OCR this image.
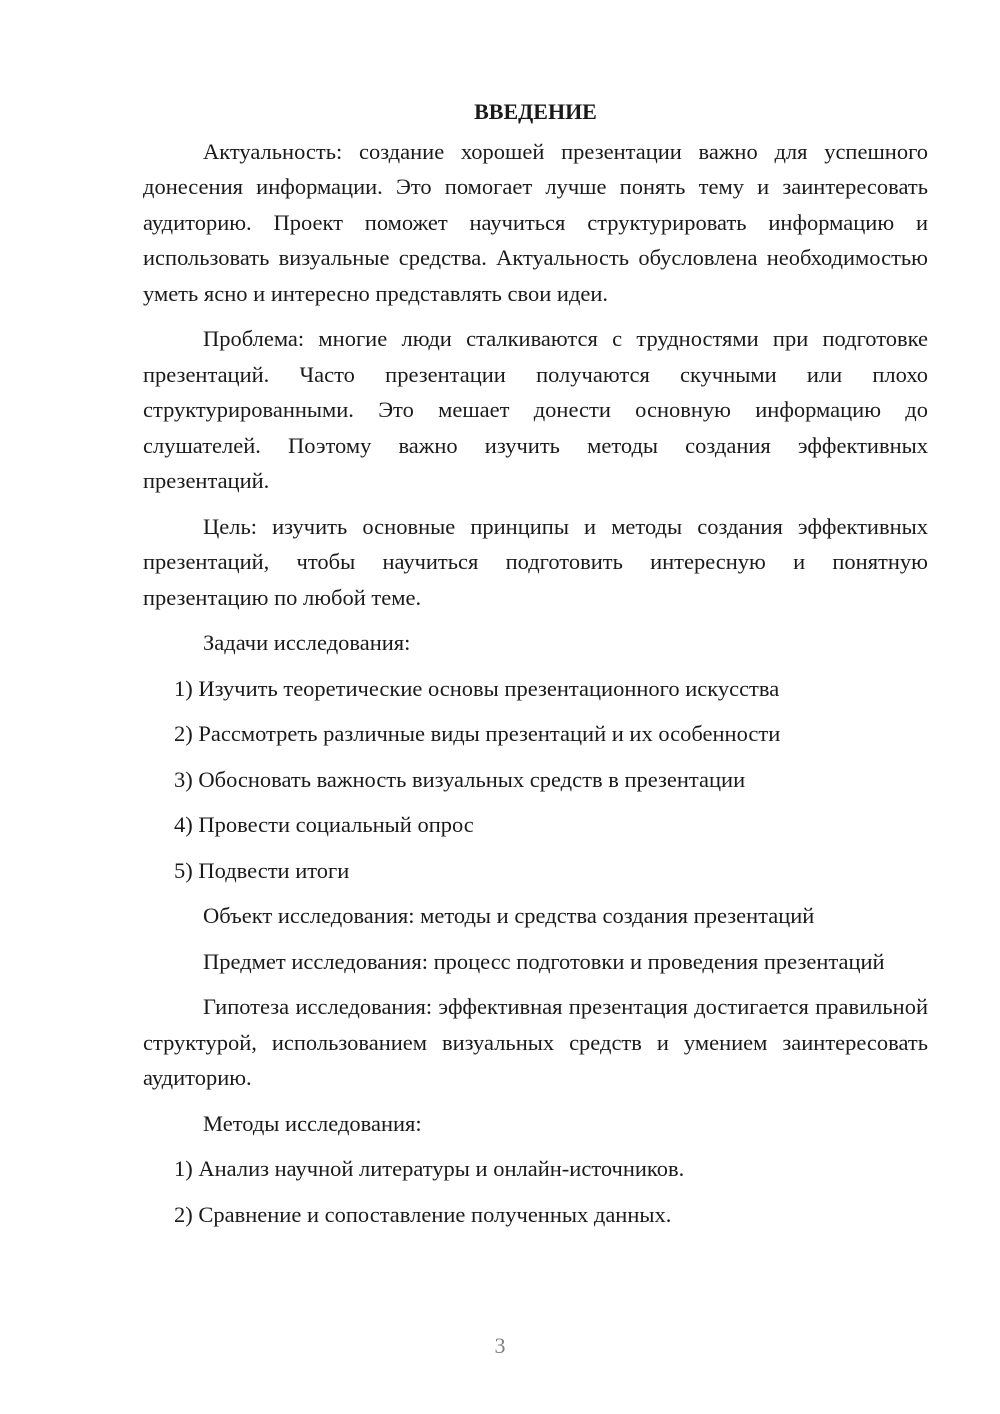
ВВЕДЕНИЕ

Актуальность: создание хорошей презентации важно для успешного донесения информации. Это помогает лучше понять тему и заинтересовать аудиторию. Проект поможет научиться структурировать информацию и использовать визуальные средства. Актуальность обусловлена необходимостью уметь ясно и интересно представлять свои идеи.

Проблема: многие люди сталкиваются с трудностями при подготовке презентаций. Часто презентации получаются скучными или плохо структурированными. Это мешает донести основную информацию до слушателей. Поэтому важно изучить методы создания эффективных презентаций.

Цель: изучить основные принципы и методы создания эффективных презентаций, чтобы научиться подготовить интересную и понятную презентацию по любой теме.

Задачи исследования:

1) Изучить теоретические основы презентационного искусства

2) Рассмотреть различные виды презентаций и их особенности

3) Обосновать важность визуальных средств в презентации

4) Провести социальный опрос

5) Подвести итоги

Объект исследования: методы и средства создания презентаций

Предмет исследования: процесс подготовки и проведения презентаций

Гипотеза исследования: эффективная презентация достигается правильной структурой, использованием визуальных средств и умением заинтересовать аудиторию.

Методы исследования:

1) Анализ научной литературы и онлайн-источников.

2) Сравнение и сопоставление полученных данных.

3
